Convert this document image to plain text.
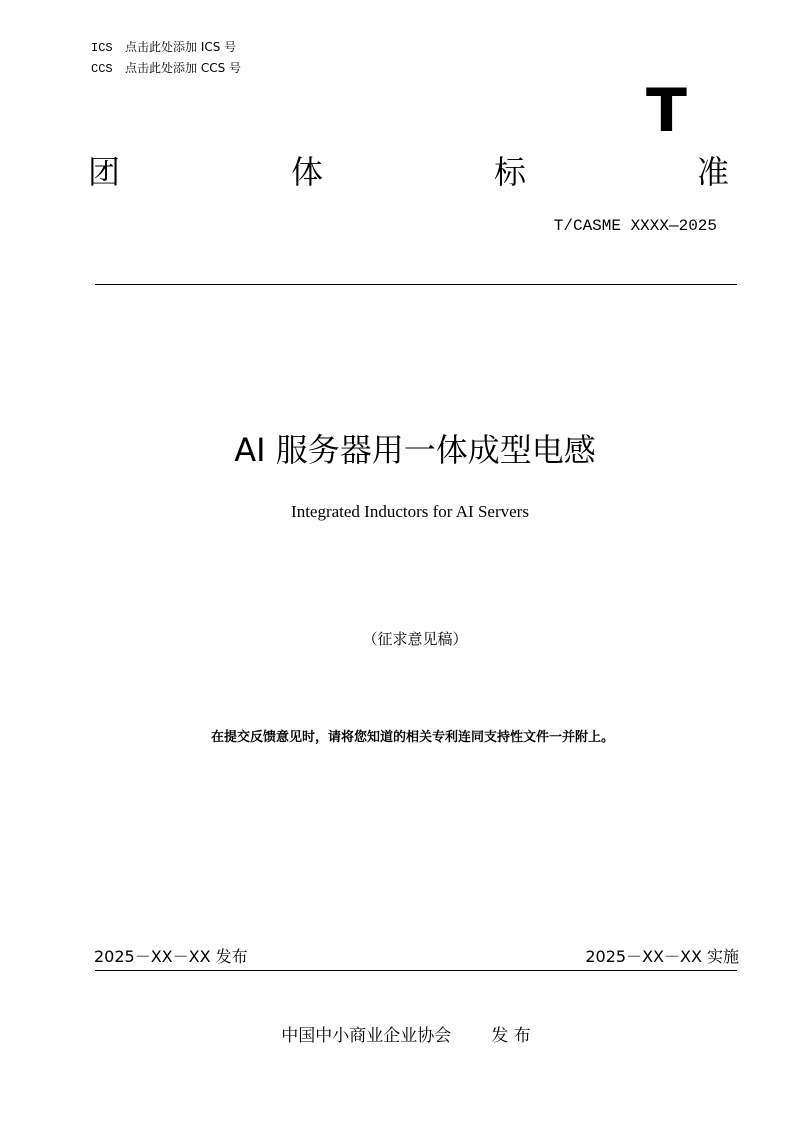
ICS 点击此处添加 ICS 号
CCS 点击此处添加 CCS 号
T
团	体	标	准
T/CASME XXXX—2025
AI 服务器用一体成型电感
Integrated Inductors for AI Servers
（征求意见稿）
在提交反馈意见时，请将您知道的相关专利连同支持性文件一并附上。
2025－XX－XX 发布	2025－XX－XX 实施
中国中小商业企业协会 发 布
